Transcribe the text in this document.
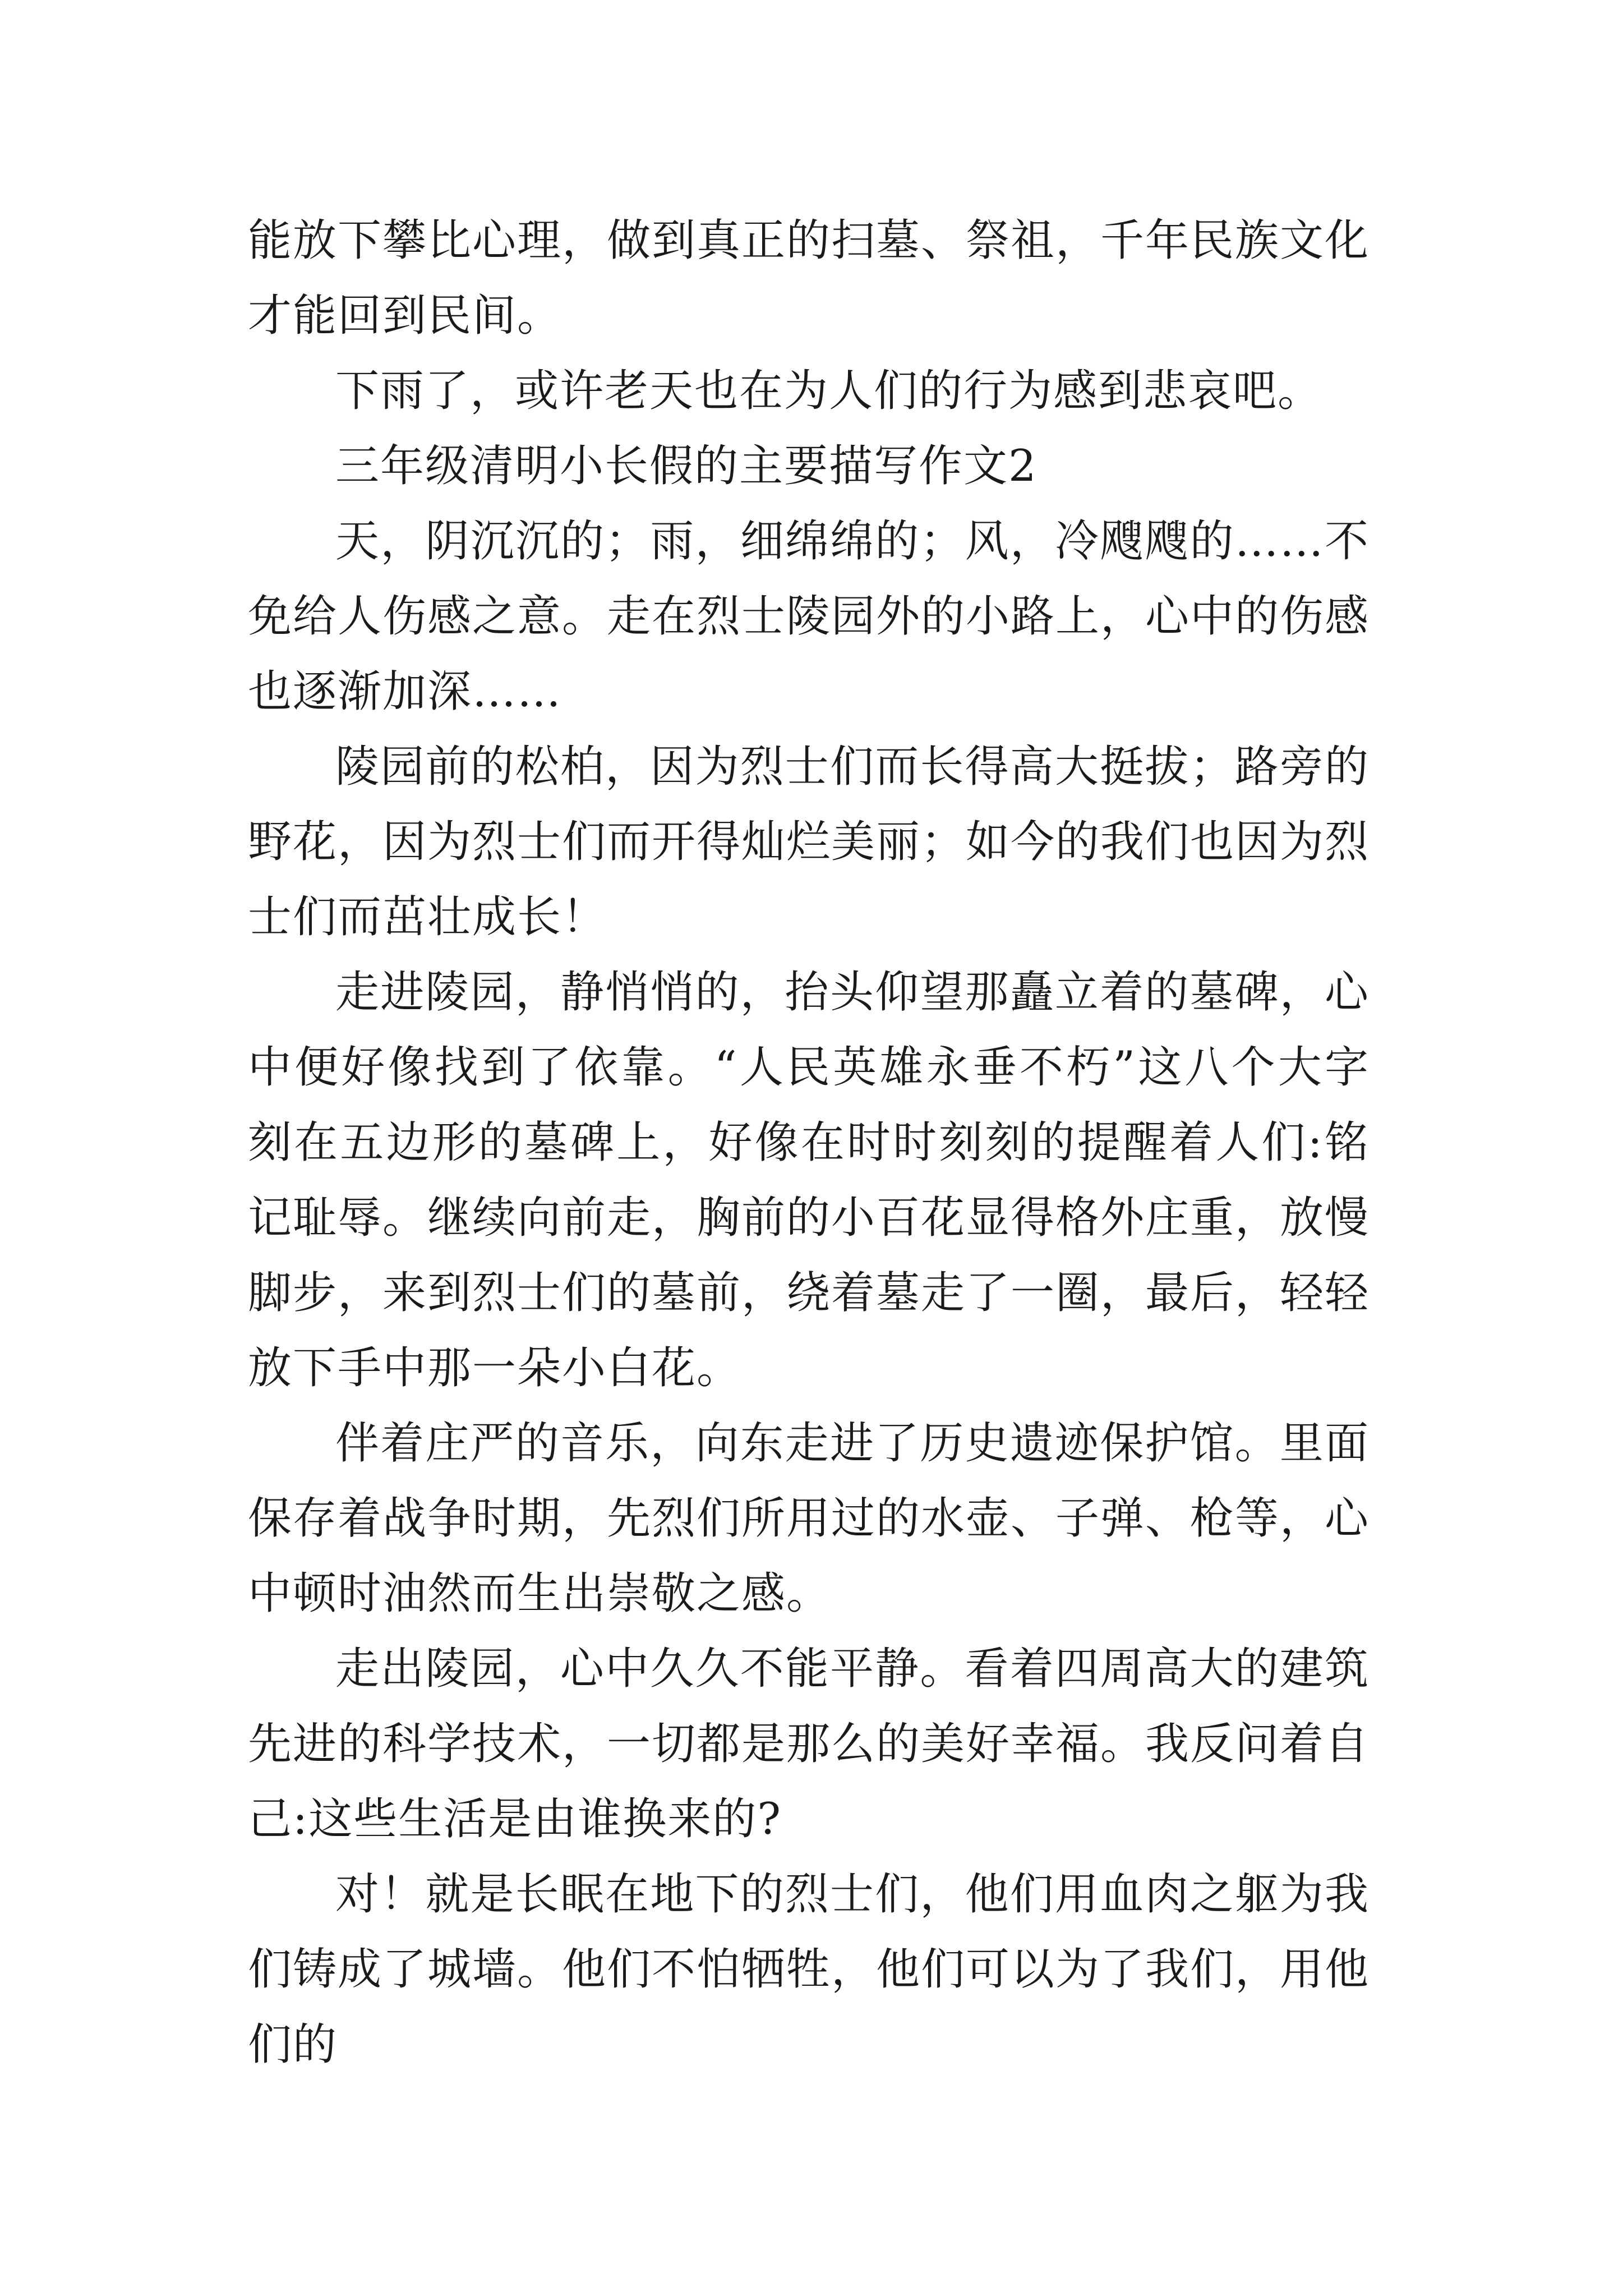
能放下攀比心理，做到真正的扫墓、祭祖，千年民族文化才能回到民间。

下雨了，或许老天也在为人们的行为感到悲哀吧。

三年级清明小长假的主要描写作文2

天，阴沉沉的；雨，细绵绵的；风，冷飕飕的……不免给人伤感之意。走在烈士陵园外的小路上，心中的伤感也逐渐加深……

陵园前的松柏，因为烈士们而长得高大挺拔；路旁的野花，因为烈士们而开得灿烂美丽；如今的我们也因为烈士们而茁壮成长！

走进陵园，静悄悄的，抬头仰望那矗立着的墓碑，心中便好像找到了依靠。“人民英雄永垂不朽”这八个大字刻在五边形的墓碑上，好像在时时刻刻的提醒着人们:铭记耻辱。继续向前走，胸前的小百花显得格外庄重，放慢脚步，来到烈士们的墓前，绕着墓走了一圈，最后，轻轻放下手中那一朵小白花。

伴着庄严的音乐，向东走进了历史遗迹保护馆。里面保存着战争时期，先烈们所用过的水壶、子弹、枪等，心中顿时油然而生出崇敬之感。

走出陵园，心中久久不能平静。看着四周高大的建筑先进的科学技术，一切都是那么的美好幸福。我反问着自己:这些生活是由谁换来的?

对！就是长眠在地下的烈士们，他们用血肉之躯为我们铸成了城墙。他们不怕牺牲，他们可以为了我们，用他们的
